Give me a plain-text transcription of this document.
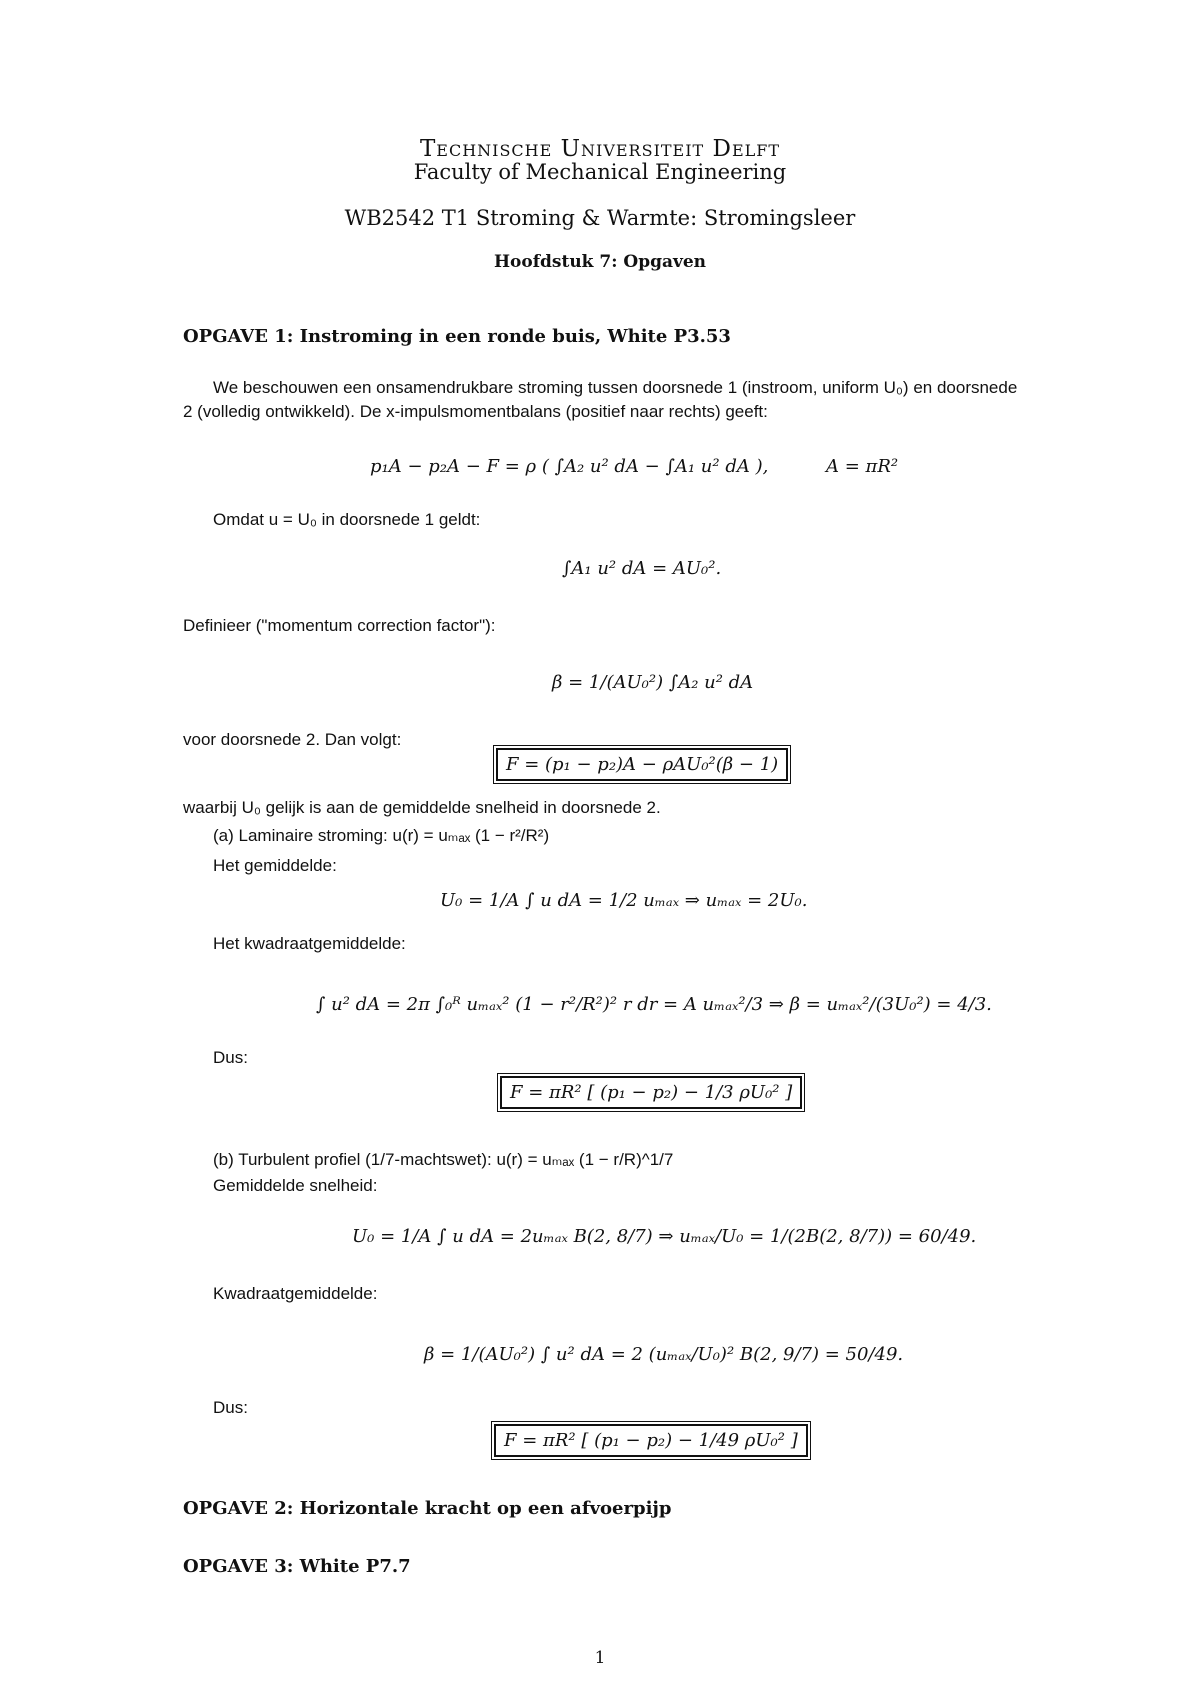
Technische Universiteit Delft
Faculty of Mechanical Engineering
WB2542 T1 Stroming & Warmte: Stromingsleer
Hoofdstuk 7: Opgaven
OPGAVE 1: Instroming in een ronde buis, White P3.53
We beschouwen een onsamendrukbare stroming tussen doorsnede 1 (instroom, uniform U₀) en doorsnede
2 (volledig ontwikkeld). De x-impulsmomentbalans (positief naar rechts) geeft:
p₁A − p₂A − F = ρ ( ∫A₂ u² dA − ∫A₁ u² dA ),	A = πR²
Omdat u = U₀ in doorsnede 1 geldt:
∫A₁ u² dA = AU₀².
Definieer ("momentum correction factor"):
β = 1/(AU₀²) ∫A₂ u² dA
voor doorsnede 2. Dan volgt:
F = (p₁ − p₂)A − ρAU₀²(β − 1)
waarbij U₀ gelijk is aan de gemiddelde snelheid in doorsnede 2.
(a) Laminaire stroming: u(r) = uₘₐₓ (1 − r²/R²)
Het gemiddelde:
U₀ = 1/A ∫ u dA = 1/2 uₘₐₓ ⇒ uₘₐₓ = 2U₀.
Het kwadraatgemiddelde:
∫ u² dA = 2π ∫₀ᴿ uₘₐₓ² (1 − r²/R²)² r dr = A uₘₐₓ²/3 ⇒ β = uₘₐₓ²/(3U₀²) = 4/3.
Dus:
F = πR² [ (p₁ − p₂) − 1/3 ρU₀² ]
(b) Turbulent profiel (1/7-machtswet): u(r) = uₘₐₓ (1 − r/R)^1/7
Gemiddelde snelheid:
U₀ = 1/A ∫ u dA = 2uₘₐₓ B(2, 8/7) ⇒ uₘₐₓ/U₀ = 1/(2B(2, 8/7)) = 60/49.
Kwadraatgemiddelde:
β = 1/(AU₀²) ∫ u² dA = 2 (uₘₐₓ/U₀)² B(2, 9/7) = 50/49.
Dus:
F = πR² [ (p₁ − p₂) − 1/49 ρU₀² ]
OPGAVE 2: Horizontale kracht op een afvoerpijp
OPGAVE 3: White P7.7
1
